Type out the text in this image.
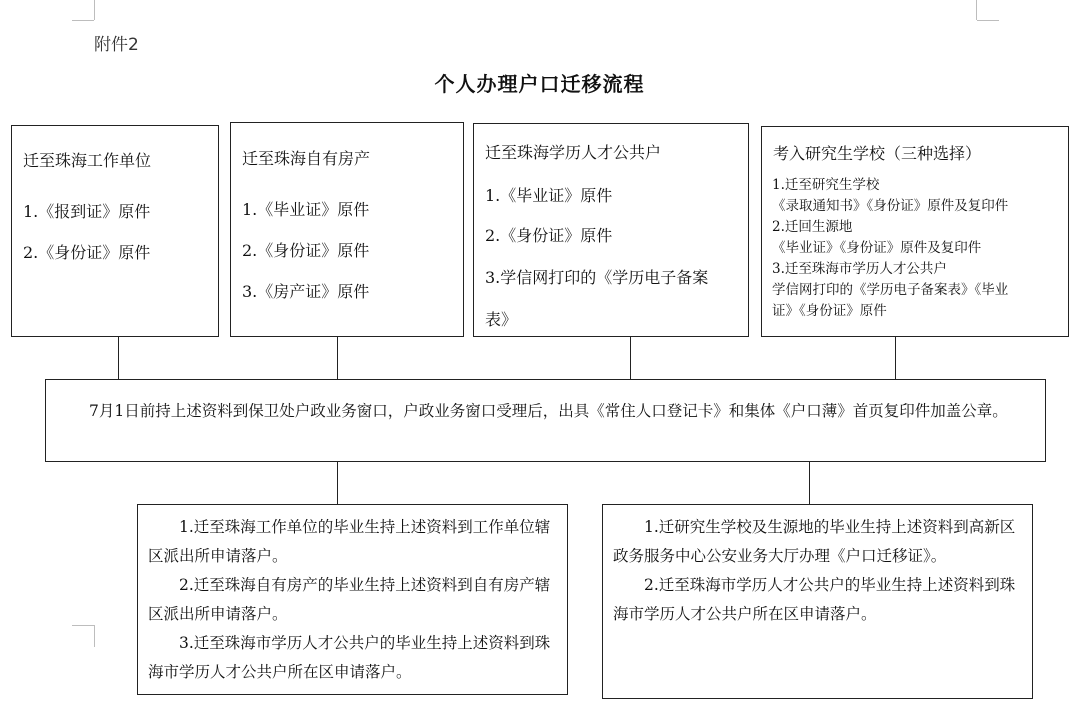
附件2
个人办理户口迁移流程
迁至珠海工作单位
1.《报到证》原件
2.《身份证》原件
迁至珠海自有房产
1.《毕业证》原件
2.《身份证》原件
3.《房产证》原件
迁至珠海学历人才公共户
1.《毕业证》原件
2.《身份证》原件
3.学信网打印的《学历电子备案
表》
考入研究生学校（三种选择）
1.迁至研究生学校
《录取通知书》《身份证》原件及复印件
2.迁回生源地
《毕业证》《身份证》原件及复印件
3.迁至珠海市学历人才公共户
学信网打印的《学历电子备案表》《毕业
证》《身份证》原件
7月1日前持上述资料到保卫处户政业务窗口，户政业务窗口受理后，出具《常住人口登记卡》和集体《户口薄》首页复印件加盖公章。
1.迁至珠海工作单位的毕业生持上述资料到工作单位辖区派出所申请落户。
2.迁至珠海自有房产的毕业生持上述资料到自有房产辖区派出所申请落户。
3.迁至珠海市学历人才公共户的毕业生持上述资料到珠海市学历人才公共户所在区申请落户。
1.迁研究生学校及生源地的毕业生持上述资料到高新区政务服务中心公安业务大厅办理《户口迁移证》。
2.迁至珠海市学历人才公共户的毕业生持上述资料到珠海市学历人才公共户所在区申请落户。
